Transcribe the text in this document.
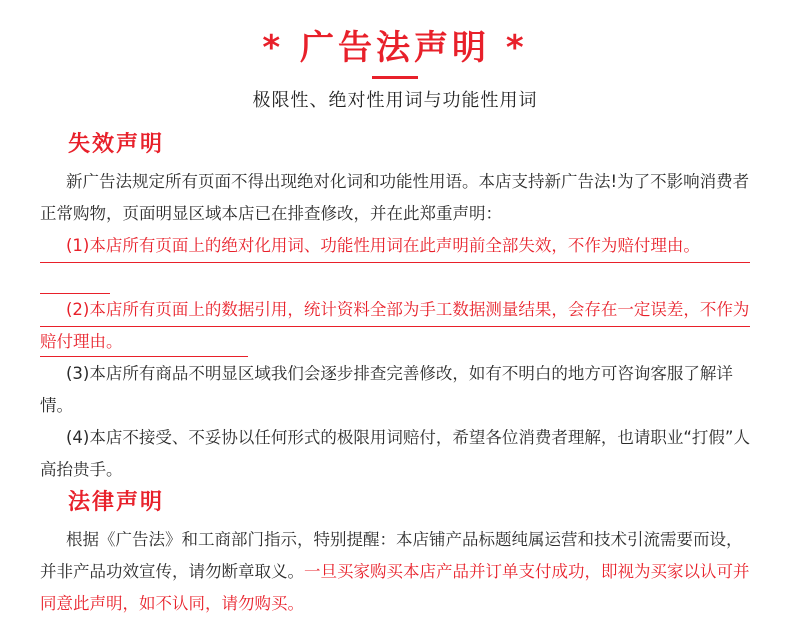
* 广告法声明 *
极限性、绝对性用词与功能性用词
失效声明
新广告法规定所有页面不得出现绝对化词和功能性用语。本店支持新广告法!为了不影响消费者正常购物，页面明显区域本店已在排查修改，并在此郑重声明：
(1)本店所有页面上的绝对化用词、功能性用词在此声明前全部失效，不作为赔付理由。
(2)本店所有页面上的数据引用，统计资料全部为手工数据测量结果，会存在一定误差，不作为赔付理由。
(3)本店所有商品不明显区域我们会逐步排查完善修改，如有不明白的地方可咨询客服了解详情。
(4)本店不接受、不妥协以任何形式的极限用词赔付，希望各位消费者理解，也请职业“打假”人高抬贵手。
法律声明
根据《广告法》和工商部门指示，特别提醒：本店铺产品标题纯属运营和技术引流需要而设，并非产品功效宣传，请勿断章取义。一旦买家购买本店产品并订单支付成功，即视为买家以认可并同意此声明，如不认同，请勿购买。
